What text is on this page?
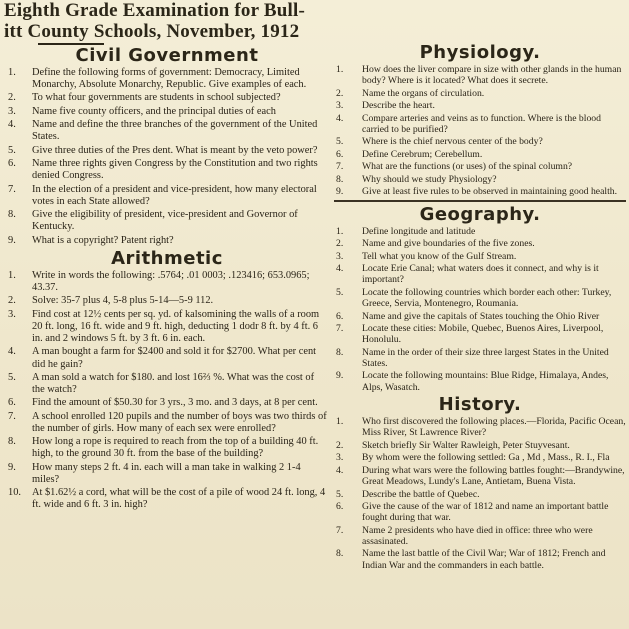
Eighth Grade Examination for Bull-
itt County Schools, November, 1912
Civil Government
1.	Define the following forms of government: Democracy, Limited Monarchy, Absolute Monarchy, Republic. Give examples of each.
2.	To what four governments are students in school subjected?
3.	Name five county officers, and the principal duties of each
4.	Name and define the three branches of the government of the United States.
5.	Give three duties of the Pres dent. What is meant by the veto power?
6.	Name three rights given Congress by the Constitution and two rights denied Congress.
7.	In the election of a president and vice-president, how many electoral votes in each State allowed?
8.	Give the eligibility of president, vice-president and Governor of Kentucky.
9.	What is a copyright? Patent right?
Arithmetic
1.	Write in words the following: .5764; .01 0003; .123416; 653.0965; 43.37.
2.	Solve: 35-7 plus 4, 5-8 plus 5-14—5-9 112.
3.	Find cost at 12½ cents per sq. yd. of kalsomining the walls of a room 20 ft. long, 16 ft. wide and 9 ft. high, deducting 1 dodr 8 ft. by 4 ft. 6 in. and 2 windows 5 ft. by 3 ft. 6 in. each.
4.	A man bought a farm for $2400 and sold it for $2700. What per cent did he gain?
5.	A man sold a watch for $180. and lost 16⅔ %. What was the cost of the watch?
6.	Find the amount of $50.30 for 3 yrs., 3 mo. and 3 days, at 8 per cent.
7.	A school enrolled 120 pupils and the number of boys was two thirds of the number of girls. How many of each sex were enrolled?
8.	How long a rope is required to reach from the top of a building 40 ft. high, to the ground 30 ft. from the base of the building?
9.	How many steps 2 ft. 4 in. each will a man take in walking 2 1-4 miles?
10.	At $1.62½ a cord, what will be the cost of a pile of wood 24 ft. long, 4 ft. wide and 6 ft. 3 in. high?
Physiology.
1.	How does the liver compare in size with other glands in the human body? Where is it located? What does it secrete.
2.	Name the organs of circulation.
3.	Describe the heart.
4.	Compare arteries and veins as to function. Where is the blood carried to be purified?
5.	Where is the chief nervous center of the body?
6.	Define Cerebrum; Cerebellum.
7.	What are the functions (or uses) of the spinal column?
8.	Why should we study Physiology?
9.	Give at least five rules to be observed in maintaining good health.
Geography.
1.	Define longitude and latitude
2.	Name and give boundaries of the five zones.
3.	Tell what you know of the Gulf Stream.
4.	Locate Erie Canal; what waters does it connect, and why is it important?
5.	Locate the following countries which border each other: Turkey, Greece, Servia, Montenegro, Roumania.
6.	Name and give the capitals of States touching the Ohio River
7.	Locate these cities: Mobile, Quebec, Buenos Aires, Liverpool, Honolulu.
8.	Name in the order of their size three largest States in the United States.
9.	Locate the following mountains: Blue Ridge, Himalaya, Andes, Alps, Wasatch.
History.
1.	Who first discovered the following places.—Florida, Pacific Ocean, Miss River, St Lawrence River?
2.	Sketch briefly Sir Walter Rawleigh, Peter Stuyvesant.
3.	By whom were the following settled: Ga , Md , Mass., R. I., Fla
4.	During what wars were the following battles fought:—Brandywine, Great Meadows, Lundy's Lane, Antietam, Buena Vista.
5.	Describe the battle of Quebec.
6.	Give the cause of the war of 1812 and name an important battle fought during that war.
7.	Name 2 presidents who have died in office: three who were assasinated.
8.	Name the last battle of the Civil War; War of 1812; French and Indian War and the commanders in each battle.
